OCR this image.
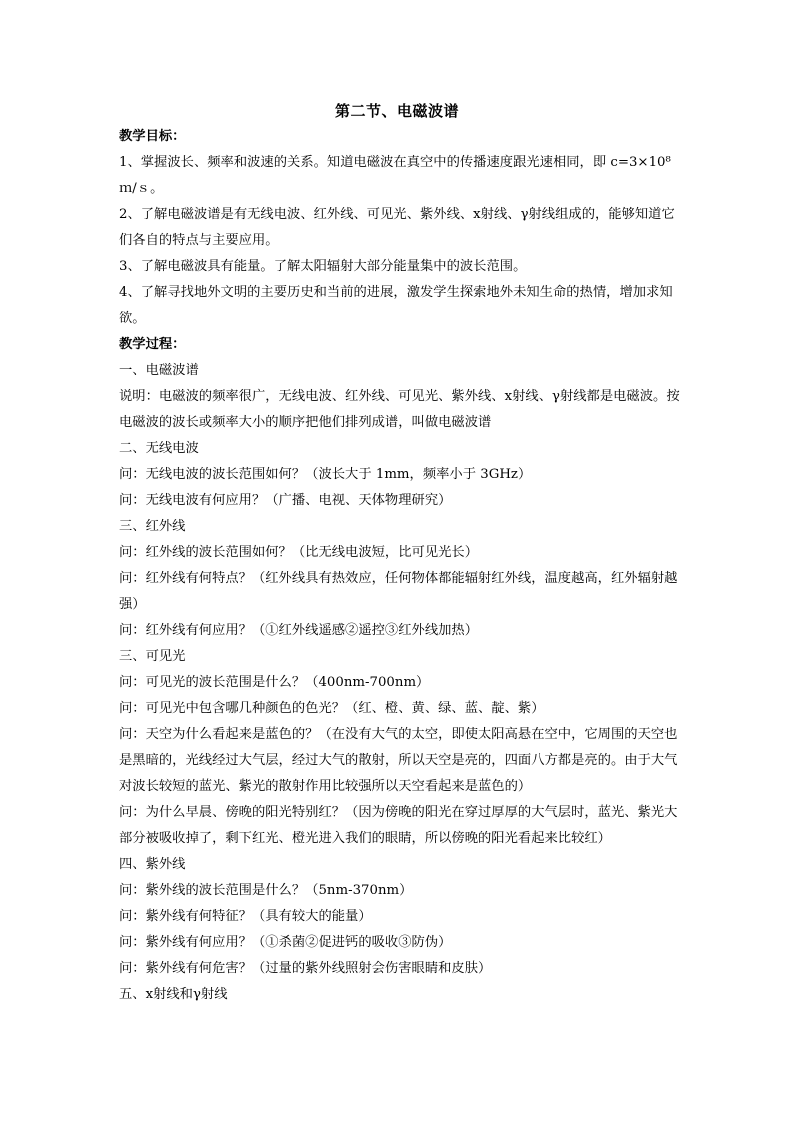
第二节、电磁波谱

教学目标：

1、掌握波长、频率和波速的关系。知道电磁波在真空中的传播速度跟光速相同，即 c=3×10⁸ ｍ/ｓ。

2、了解电磁波谱是有无线电波、红外线、可见光、紫外线、x射线、γ射线组成的，能够知道它们各自的特点与主要应用。

3、了解电磁波具有能量。了解太阳辐射大部分能量集中的波长范围。

4、了解寻找地外文明的主要历史和当前的进展，激发学生探索地外未知生命的热情，增加求知欲。

教学过程：

一、电磁波谱

说明：电磁波的频率很广，无线电波、红外线、可见光、紫外线、x射线、γ射线都是电磁波。按电磁波的波长或频率大小的顺序把他们排列成谱，叫做电磁波谱

二、无线电波

问：无线电波的波长范围如何？（波长大于 1mm，频率小于 3GHz）

问：无线电波有何应用？（广播、电视、天体物理研究）

三、红外线

问：红外线的波长范围如何？（比无线电波短，比可见光长）

问：红外线有何特点？（红外线具有热效应，任何物体都能辐射红外线，温度越高，红外辐射越强）

问：红外线有何应用？（①红外线遥感②遥控③红外线加热）

三、可见光

问：可见光的波长范围是什么？（400nm-700nm）

问：可见光中包含哪几种颜色的色光？（红、橙、黄、绿、蓝、靛、紫）

问：天空为什么看起来是蓝色的？（在没有大气的太空，即使太阳高悬在空中，它周围的天空也是黑暗的，光线经过大气层，经过大气的散射，所以天空是亮的，四面八方都是亮的。由于大气对波长较短的蓝光、紫光的散射作用比较强所以天空看起来是蓝色的）

问：为什么早晨、傍晚的阳光特别红？（因为傍晚的阳光在穿过厚厚的大气层时，蓝光、紫光大部分被吸收掉了，剩下红光、橙光进入我们的眼睛，所以傍晚的阳光看起来比较红）

四、紫外线

问：紫外线的波长范围是什么？（5nm-370nm）

问：紫外线有何特征？（具有较大的能量）

问：紫外线有何应用？（①杀菌②促进钙的吸收③防伪）

问：紫外线有何危害？（过量的紫外线照射会伤害眼睛和皮肤）

五、x射线和γ射线
